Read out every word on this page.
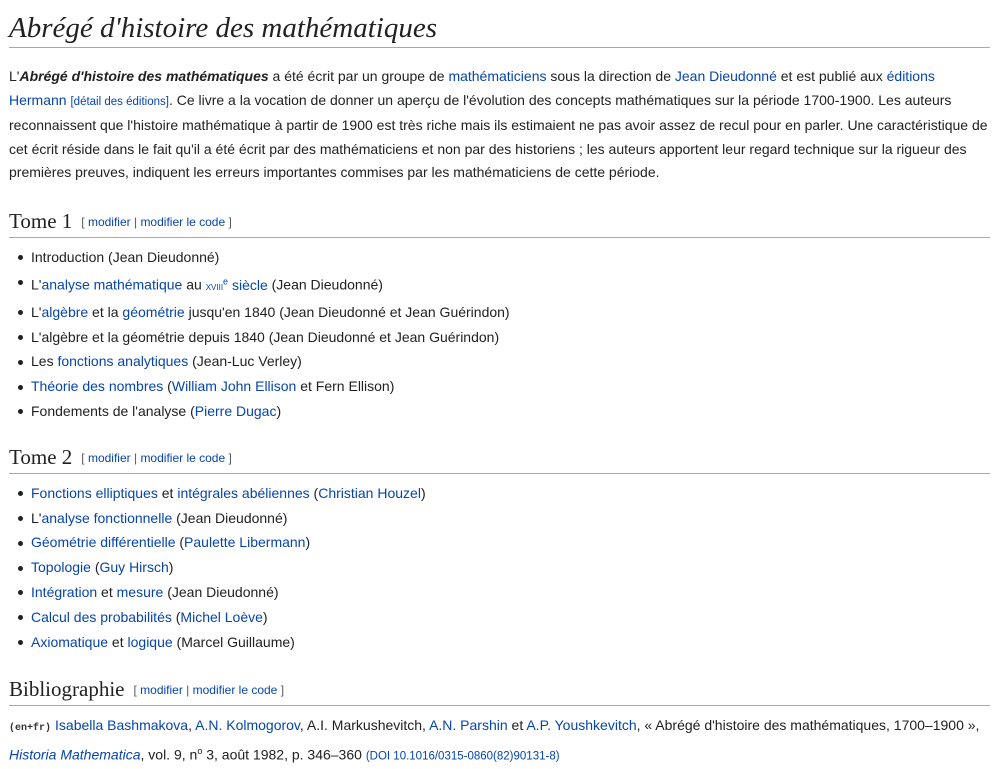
Abrégé d'histoire des mathématiques

L'Abrégé d'histoire des mathématiques a été écrit par un groupe de mathématiciens sous la direction de Jean Dieudonné et est publié aux éditions Hermann [détail des éditions]. Ce livre a la vocation de donner un aperçu de l'évolution des concepts mathématiques sur la période 1700-1900. Les auteurs reconnaissent que l'histoire mathématique à partir de 1900 est très riche mais ils estimaient ne pas avoir assez de recul pour en parler. Une caractéristique de cet écrit réside dans le fait qu'il a été écrit par des mathématiciens et non par des historiens ; les auteurs apportent leur regard technique sur la rigueur des premières preuves, indiquent les erreurs importantes commises par les mathématiciens de cette période.

Tome 1 [ modifier | modifier le code ]
Introduction (Jean Dieudonné)
L'analyse mathématique au xviii$^e$ siècle (Jean Dieudonné)
L'algèbre et la géométrie jusqu'en 1840 (Jean Dieudonné et Jean Guérindon)
L'algèbre et la géométrie depuis 1840 (Jean Dieudonné et Jean Guérindon)
Les fonctions analytiques (Jean-Luc Verley)
Théorie des nombres (William John Ellison et Fern Ellison)
Fondements de l'analyse (Pierre Dugac)
Tome 2 [ modifier | modifier le code ]
Fonctions elliptiques et intégrales abéliennes (Christian Houzel)
L'analyse fonctionnelle (Jean Dieudonné)
Géométrie différentielle (Paulette Libermann)
Topologie (Guy Hirsch)
Intégration et mesure (Jean Dieudonné)
Calcul des probabilités (Michel Loève)
Axiomatique et logique (Marcel Guillaume)
Bibliographie [ modifier | modifier le code ]

(en+fr) Isabella Bashmakova, A.N. Kolmogorov, A.I. Markushevitch, A.N. Parshin et A.P. Youshkevitch, « Abrégé d'histoire des mathématiques, 1700–1900 », Historia Mathematica, vol. 9, $n^o$ 3, août 1982, p. 346–360 (DOI 10.1016/0315-0860(82)90131-8)
